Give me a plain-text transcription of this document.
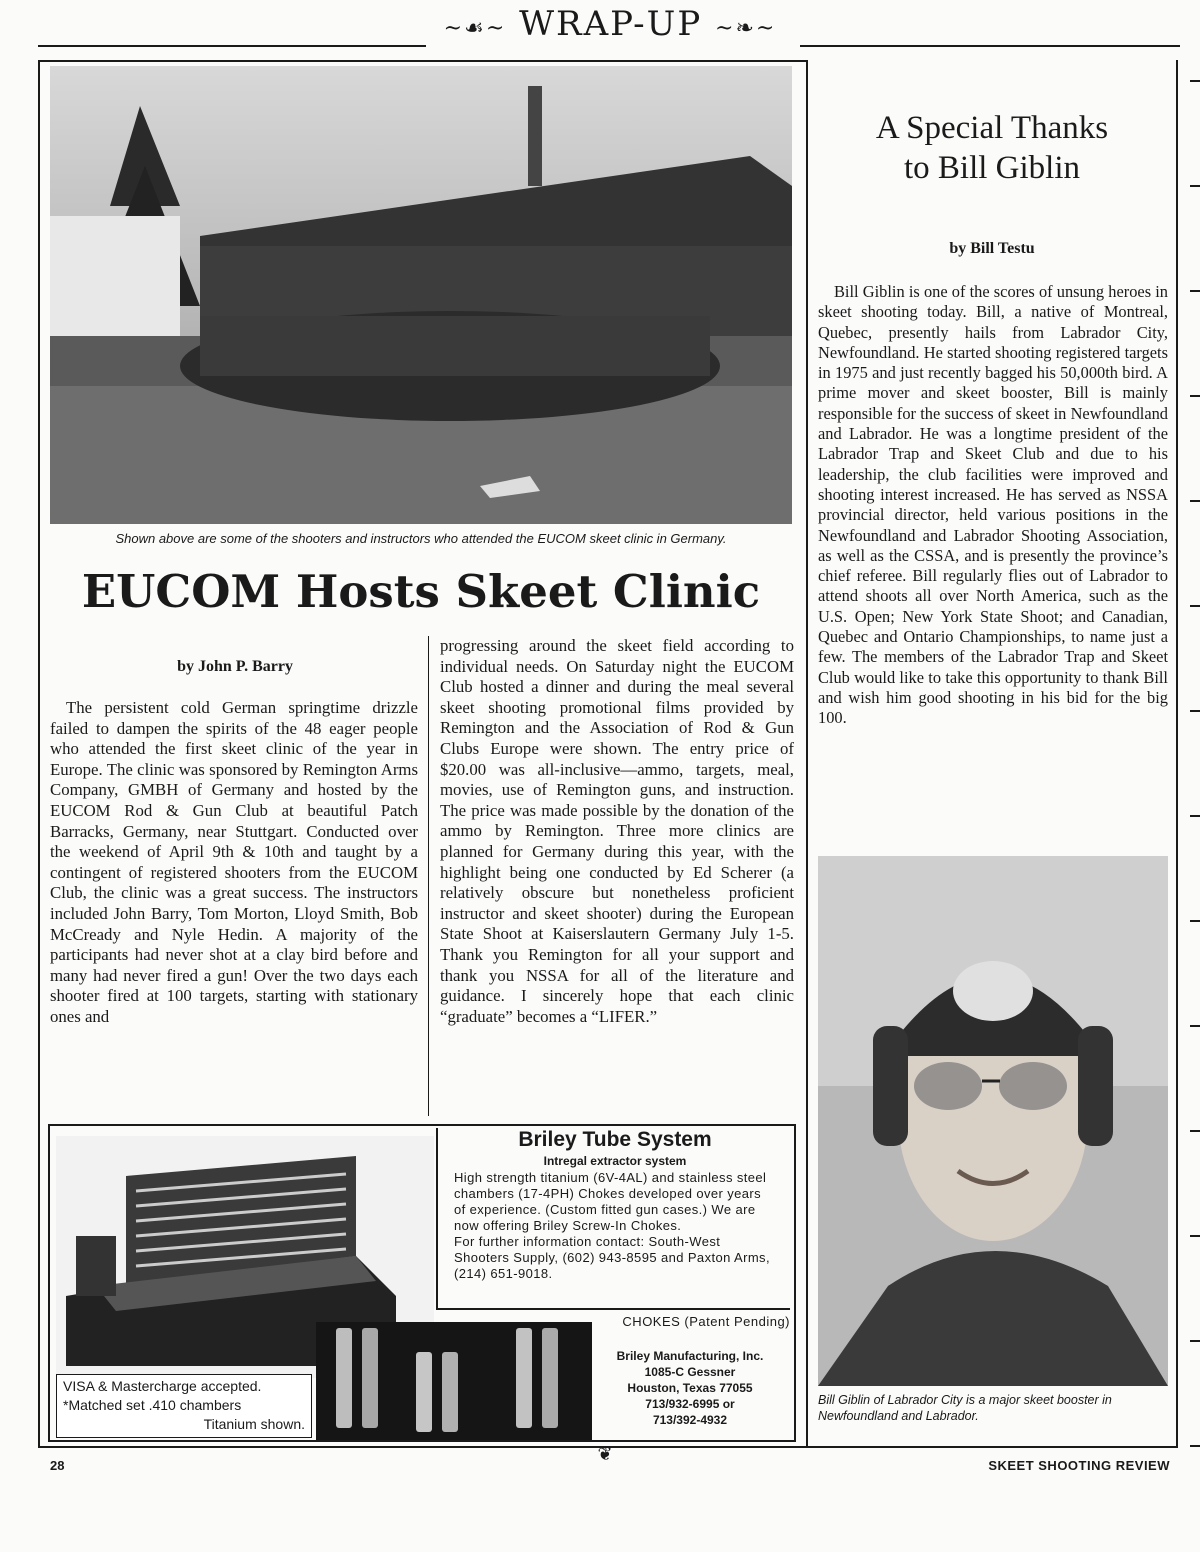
~☙~ WRAP-UP ~❧~
Shown above are some of the shooters and instructors who attended the EUCOM skeet clinic in Germany.
EUCOM Hosts Skeet Clinic
by John P. Barry
The persistent cold German springtime drizzle failed to dampen the spirits of the 48 eager people who attended the first skeet clinic of the year in Europe. The clinic was sponsored by Remington Arms Company, GMBH of Germany and hosted by the EUCOM Rod & Gun Club at beautiful Patch Barracks, Germany, near Stuttgart. Conducted over the weekend of April 9th & 10th and taught by a contingent of registered shooters from the EUCOM Club, the clinic was a great success. The instructors included John Barry, Tom Morton, Lloyd Smith, Bob McCready and Nyle Hedin. A majority of the participants had never shot at a clay bird before and many had never fired a gun! Over the two days each shooter fired at 100 targets, starting with stationary ones and
progressing around the skeet field according to individual needs. On Saturday night the EUCOM Club hosted a dinner and during the meal several skeet shooting promotional films provided by Remington and the Association of Rod & Gun Clubs Europe were shown. The entry price of $20.00 was all-inclusive—ammo, targets, meal, movies, use of Remington guns, and instruction. The price was made possible by the donation of the ammo by Remington. Three more clinics are planned for Germany during this year, with the highlight being one conducted by Ed Scherer (a relatively obscure but nonetheless proficient instructor and skeet shooter) during the European State Shoot at Kaiserslautern Germany July 1-5. Thank you Remington for all your support and thank you NSSA for all of the literature and guidance. I sincerely hope that each clinic “graduate” becomes a “LIFER.”
VISA & Mastercharge accepted.
*Matched set .410 chambers
Titanium shown.
Briley Tube System
Intregal extractor system
High strength titanium (6V-4AL) and stainless steel chambers (17-4PH) Chokes developed over years of experience. (Custom fitted gun cases.) We are now offering Briley Screw-In Chokes.
For further information contact: South-West Shooters Supply, (602) 943-8595 and Paxton Arms, (214) 651-9018.
CHOKES (Patent Pending)
Briley Manufacturing, Inc.
1085-C Gessner
Houston, Texas 77055
713/932-6995 or
713/392-4932
A Special Thanks
to Bill Giblin
by Bill Testu
Bill Giblin is one of the scores of unsung heroes in skeet shooting today. Bill, a native of Montreal, Quebec, presently hails from Labrador City, Newfoundland. He started shooting registered targets in 1975 and just recently bagged his 50,000th bird. A prime mover and skeet booster, Bill is mainly responsible for the success of skeet in Newfoundland and Labrador. He was a longtime president of the Labrador Trap and Skeet Club and due to his leadership, the club facilities were improved and shooting interest increased. He has served as NSSA provincial director, held various positions in the Newfoundland and Labrador Shooting Association, as well as the CSSA, and is presently the province’s chief referee. Bill regularly flies out of Labrador to attend shoots all over North America, such as the U.S. Open; New York State Shoot; and Canadian, Quebec and Ontario Championships, to name just a few. The members of the Labrador Trap and Skeet Club would like to take this opportunity to thank Bill and wish him good shooting in his bid for the big 100.
Bill Giblin of Labrador City is a major skeet booster in Newfoundland and Labrador.
❦
28	SKEET SHOOTING REVIEW
